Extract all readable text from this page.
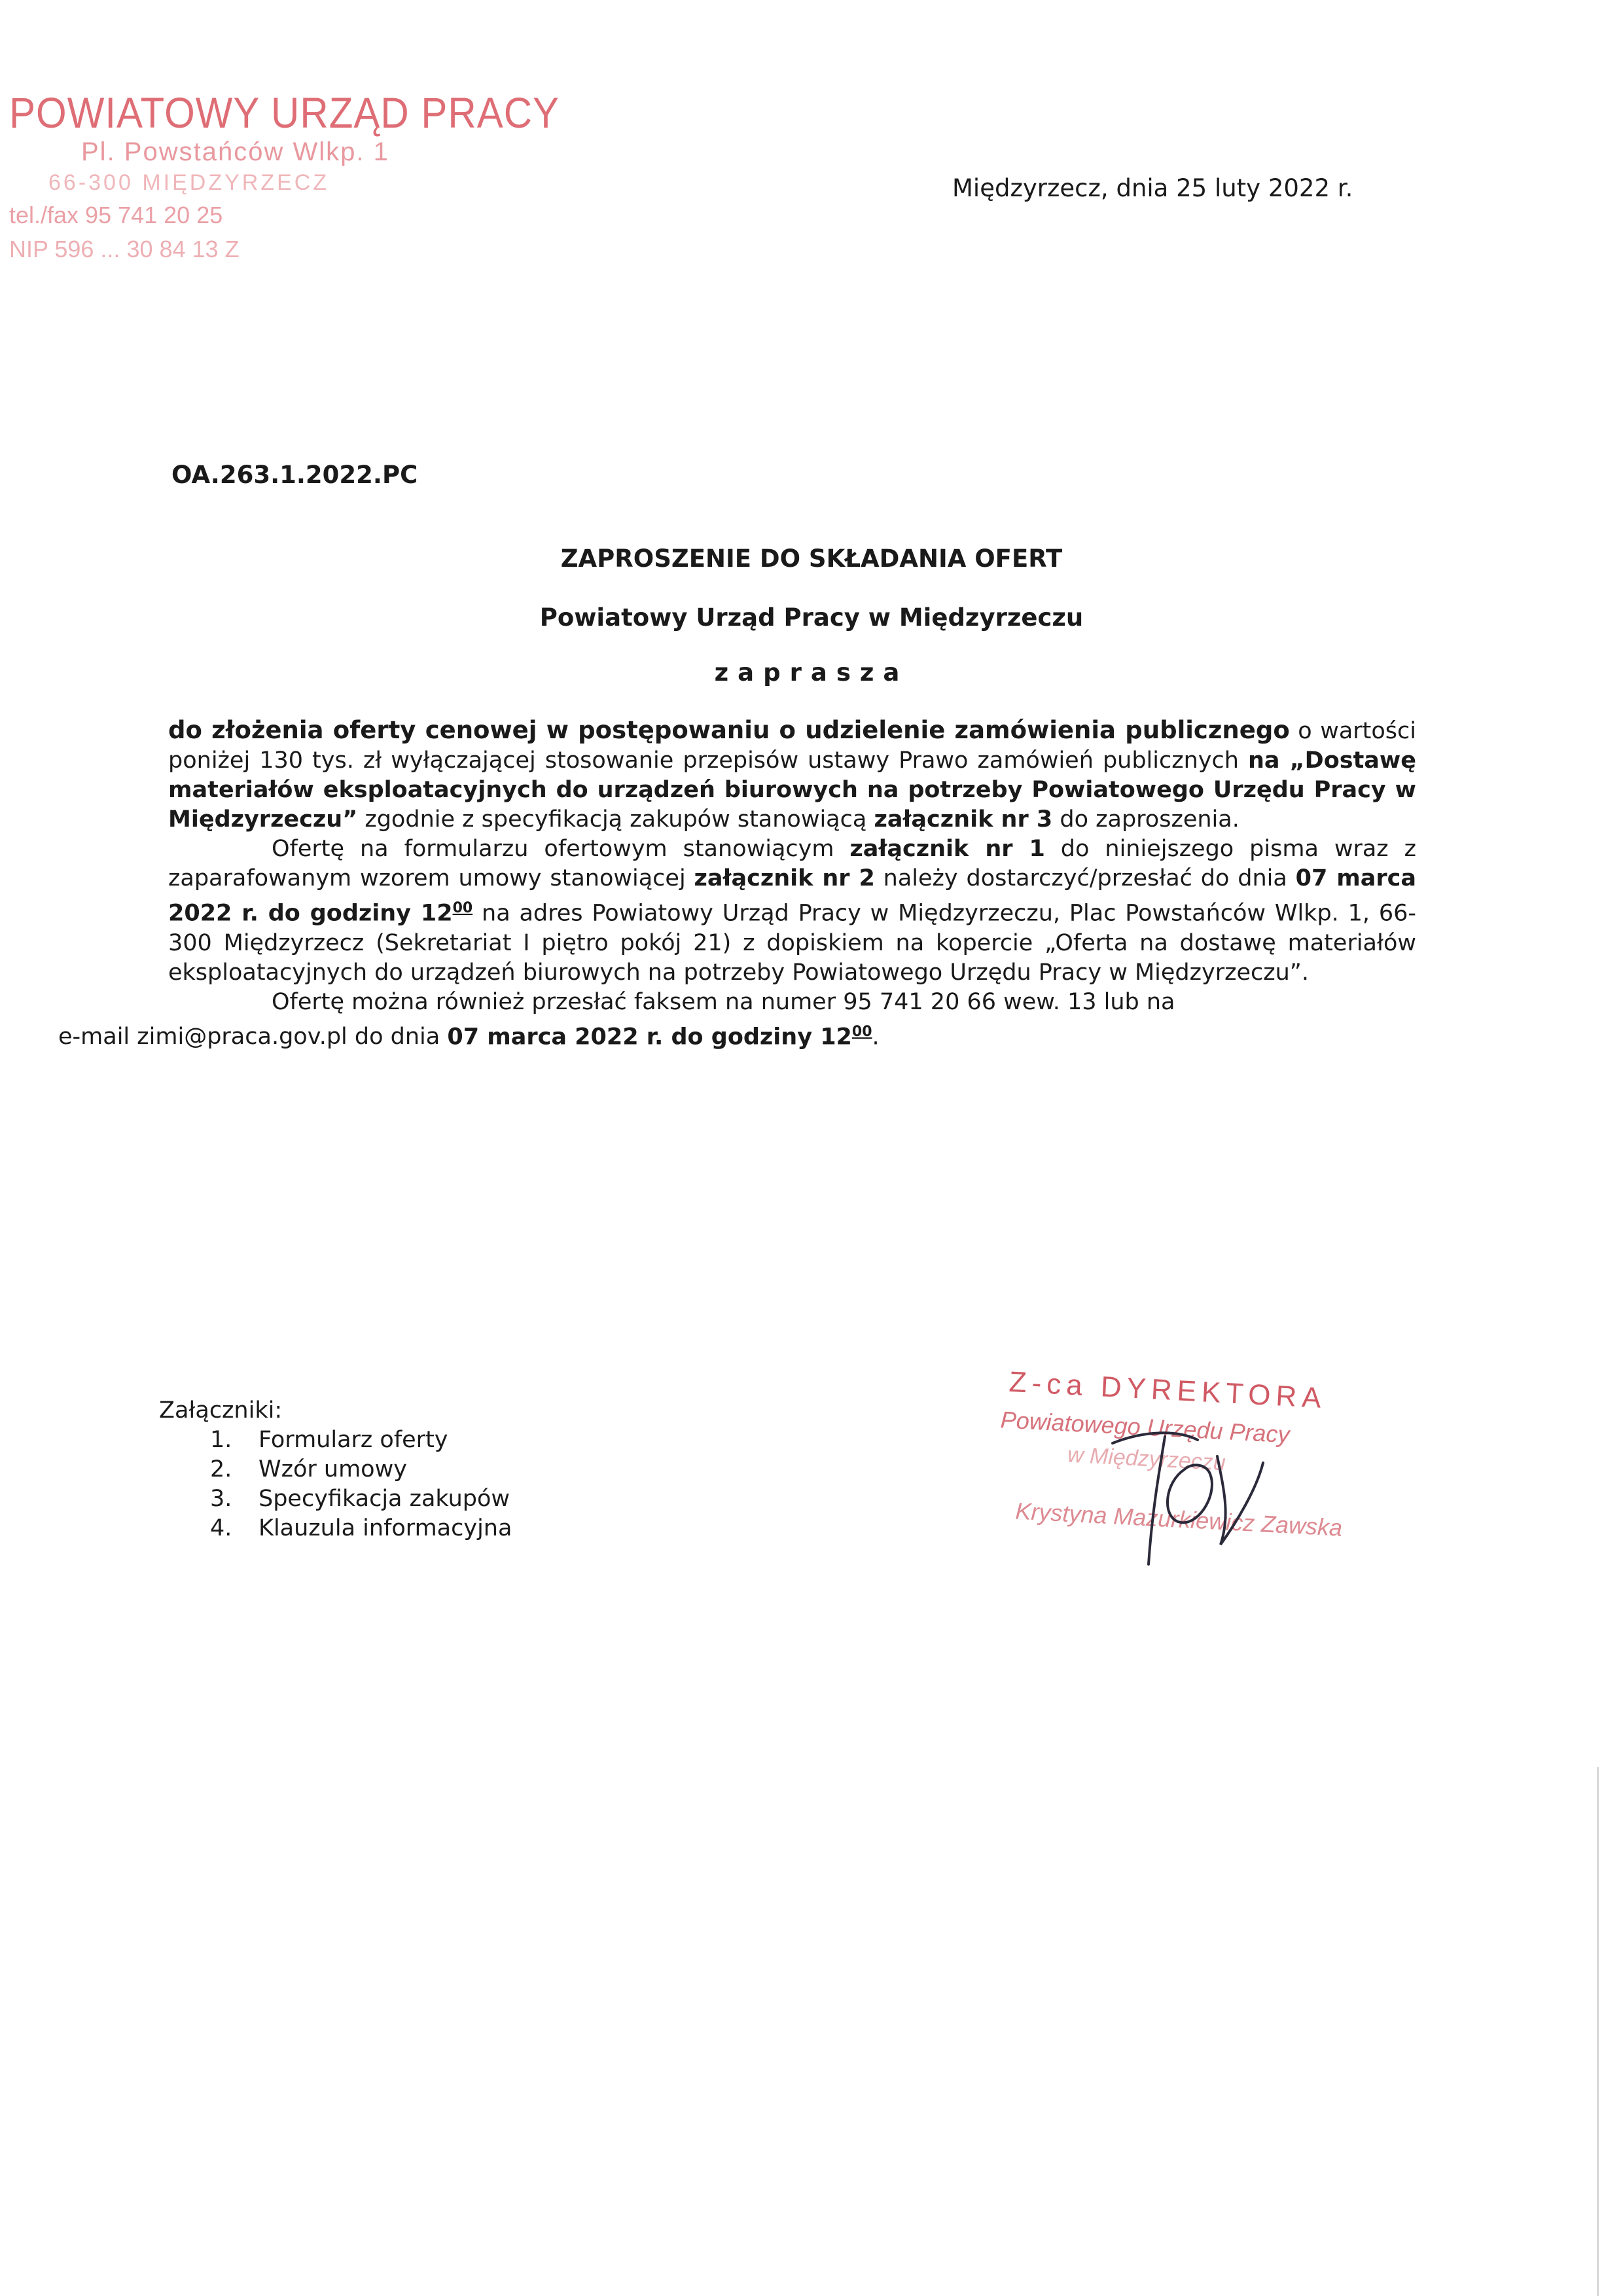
POWIATOWY URZĄD PRACY
Pl. Powstańców Wlkp. 1
66-300 MIĘDZYRZECZ
tel./fax 95 741 20 25
NIP 596 ... 30 84 13 Z
Międzyrzecz, dnia 25 luty 2022 r.
OA.263.1.2022.PC
ZAPROSZENIE DO SKŁADANIA OFERT
Powiatowy Urząd Pracy w Międzyrzeczu
zaprasza

do złożenia oferty cenowej w postępowaniu o udzielenie zamówienia publicznego o wartości poniżej 130 tys. zł wyłączającej stosowanie przepisów ustawy Prawo zamówień publicznych na „Dostawę materiałów eksploatacyjnych do urządzeń biurowych na potrzeby Powiatowego Urzędu Pracy w Międzyrzeczu” zgodnie z specyfikacją zakupów stanowiącą załącznik nr 3 do zaproszenia.

Ofertę na formularzu ofertowym stanowiącym załącznik nr 1 do niniejszego pisma wraz z zaparafowanym wzorem umowy stanowiącej załącznik nr 2 należy dostarczyć/przesłać do dnia 07 marca 2022 r. do godziny $12^{00}$ na adres Powiatowy Urząd Pracy w Międzyrzeczu, Plac Powstańców Wlkp. 1, 66-300 Międzyrzecz (Sekretariat I piętro pokój 21) z dopiskiem na kopercie „Oferta na dostawę materiałów eksploatacyjnych do urządzeń biurowych na potrzeby Powiatowego Urzędu Pracy w Międzyrzeczu”.

Ofertę można również przesłać faksem na numer 95 741 20 66 wew. 13 lub na
e-mail zimi@praca.gov.pl do dnia 07 marca 2022 r. do godziny $12^{00}$.

Załączniki:
1. Formularz oferty
2. Wzór umowy
3. Specyfikacja zakupów
4. Klauzula informacyjna
Z-ca DYREKTORA
Powiatowego Urzędu Pracy
w Międzyrzeczu
Krystyna Mazurkiewicz Zawska
